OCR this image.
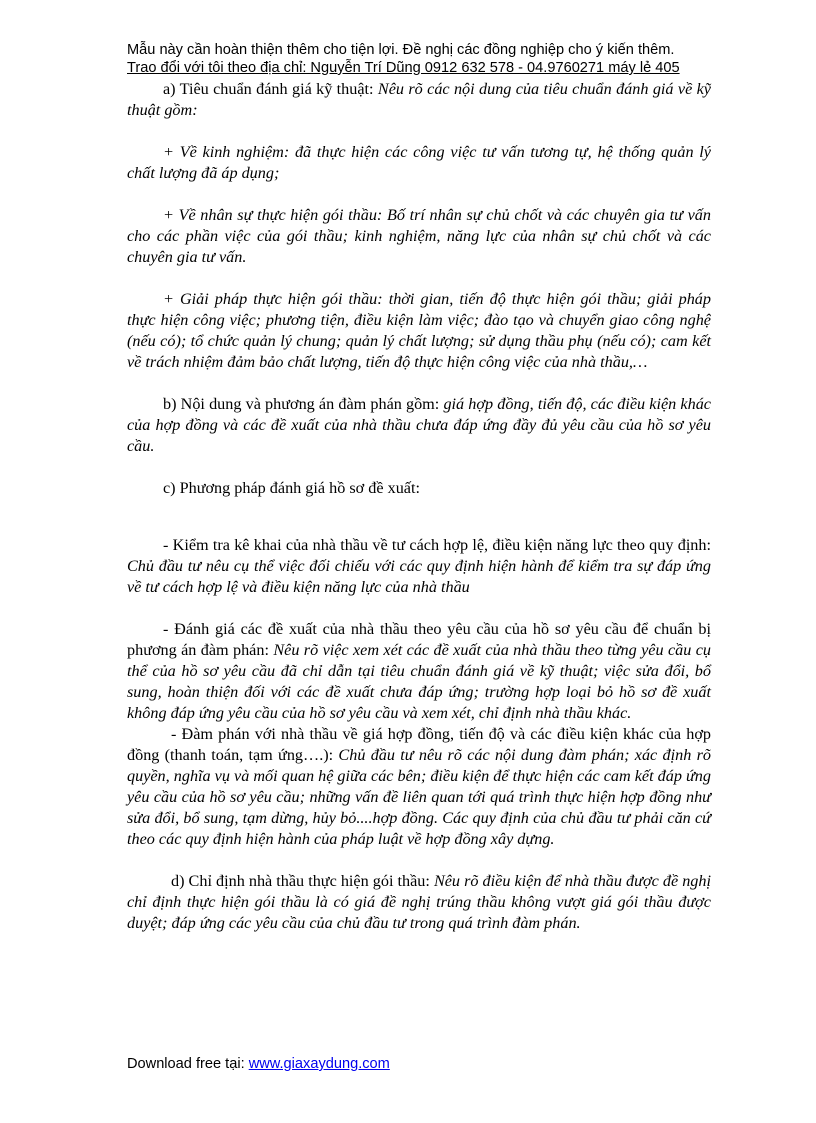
Mẫu này cần hoàn thiện thêm cho tiện lợi. Đề nghị các đồng nghiệp cho ý kiến thêm.
Trao đổi với tôi theo địa chỉ: Nguyễn Trí Dũng 0912 632 578 - 04.9760271 máy lẻ 405

a) Tiêu chuẩn đánh giá kỹ thuật: Nêu rõ các nội dung của tiêu chuẩn đánh giá về kỹ thuật gồm:

+ Về kinh nghiệm: đã thực hiện các công việc tư vấn tương tự, hệ thống quản lý chất lượng đã áp dụng;

+ Về nhân sự thực hiện gói thầu: Bố trí nhân sự chủ chốt và các chuyên gia tư vấn cho các phần việc của gói thầu; kinh nghiệm, năng lực của nhân sự chủ chốt và các chuyên gia tư vấn.

+ Giải pháp thực hiện gói thầu: thời gian, tiến độ thực hiện gói thầu; giải pháp thực hiện công việc; phương tiện, điều kiện làm việc; đào tạo và chuyển giao công nghệ (nếu có); tổ chức quản lý chung; quản lý chất lượng; sử dụng thầu phụ (nếu có); cam kết về trách nhiệm đảm bảo chất lượng, tiến độ thực hiện công việc của nhà thầu,…

b) Nội dung và phương án đàm phán gồm: giá hợp đồng, tiến độ, các điều kiện khác của hợp đồng và các đề xuất của nhà thầu chưa đáp ứng đầy đủ yêu cầu của hồ sơ yêu cầu.

c) Phương pháp đánh giá hồ sơ đề xuất:

- Kiểm tra kê khai của nhà thầu về tư cách hợp lệ, điều kiện năng lực theo quy định: Chủ đầu tư nêu cụ thể việc đối chiếu với các quy định hiện hành để kiểm tra sự đáp ứng về tư cách hợp lệ và điều kiện năng lực của nhà thầu

- Đánh giá các đề xuất của nhà thầu theo yêu cầu của hồ sơ yêu cầu để chuẩn bị phương án đàm phán: Nêu rõ việc xem xét các đề xuất của nhà thầu theo từng yêu cầu cụ thể của hồ sơ yêu cầu đã chỉ dẫn tại tiêu chuẩn đánh giá về kỹ thuật; việc sửa đổi, bổ sung, hoàn thiện đối với các đề xuất chưa đáp ứng; trường hợp loại bỏ hồ sơ đề xuất không đáp ứng yêu cầu của hồ sơ yêu cầu và xem xét, chỉ định nhà thầu khác.

- Đàm phán với nhà thầu về giá hợp đồng, tiến độ và các điều kiện khác của hợp đồng (thanh toán, tạm ứng….): Chủ đầu tư nêu rõ các nội dung đàm phán; xác định rõ quyền, nghĩa vụ và mối quan hệ giữa các bên; điều kiện để thực hiện các cam kết đáp ứng yêu cầu của hồ sơ yêu cầu; những vấn đề liên quan tới quá trình thực hiện hợp đồng như sửa đổi, bổ sung, tạm dừng, hủy bỏ....hợp đồng. Các quy định của chủ đầu tư phải căn cứ theo các quy định hiện hành của pháp luật về hợp đồng xây dựng.

d) Chỉ định nhà thầu thực hiện gói thầu: Nêu rõ điều kiện để nhà thầu được đề nghị chỉ định thực hiện gói thầu là có giá đề nghị trúng thầu không vượt giá gói thầu được duyệt; đáp ứng các yêu cầu của chủ đầu tư trong quá trình đàm phán.

Download free tại: www.giaxaydung.com
